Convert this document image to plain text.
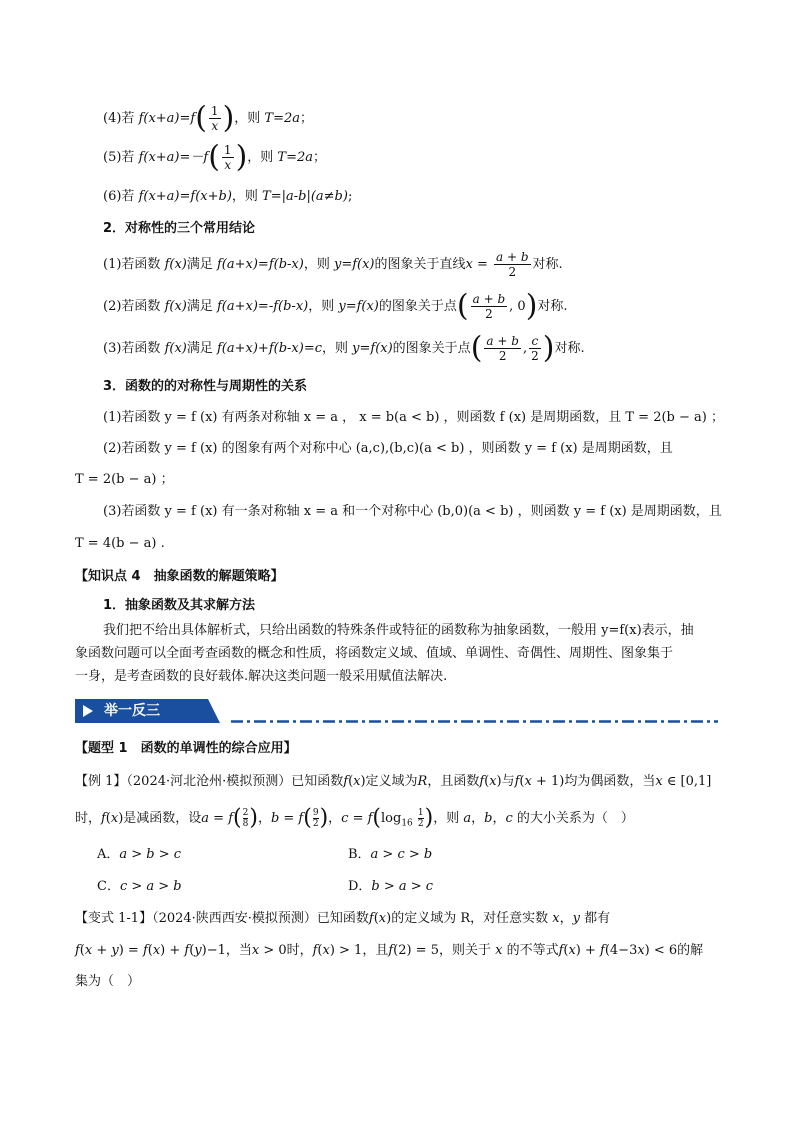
(4)若 $f(x+a)=f( \frac{1}{x}$ )，则 T=2a；
(5)若 $f(x+a)=-f( \frac{1}{x}$ )，则 T=2a；
(6)若 f(x+a)=f(x+b)，则 T=|a-b|(a≠b);
2．对称性的三个常用结论
(1)若函数 f(x)满足 f(a+x)=f(b-x)，则 y=f(x)的图象关于直线$x = \frac{a + b}{2}$ 对称.
(2)若函数 f(x)满足 f(a+x)=-f(b-x)，则 y=f(x)的图象关于点( $\frac{a + b}{2}$ , 0)对称.
(3)若函数 f(x)满足 f(a+x)+f(b-x)=c，则 y=f(x)的图象关于点( $\frac{a + b}{2}$ , $\frac{c}{2}$ )对称.
3．函数的的对称性与周期性的关系
(1)若函数 y = f (x) 有两条对称轴 x = a ， x = b(a < b) ，则函数 f (x) 是周期函数，且 T = 2(b − a) ；
(2)若函数 y = f (x) 的图象有两个对称中心 (a,c),(b,c)(a < b) ，则函数 y = f (x) 是周期函数，且
T = 2(b − a) ；
(3)若函数 y = f (x) 有一条对称轴 x = a 和一个对称中心 (b,0)(a < b) ，则函数 y = f (x) 是周期函数，且
T = 4(b − a) .
【知识点 4　抽象函数的解题策略】
1．抽象函数及其求解方法
我们把不给出具体解析式，只给出函数的特殊条件或特征的函数称为抽象函数，一般用 y=f(x)表示，抽
象函数问题可以全面考查函数的概念和性质，将函数定义域、值域、单调性、奇偶性、周期性、图象集于
一身，是考查函数的良好载体.解决这类问题一般采用赋值法解决.
举一反三
【题型 1　函数的单调性的综合应用】
【例 1】（2024·河北沧州·模拟预测）已知函数𝑓(𝑥)定义域为𝑅，且函数𝑓(𝑥)与𝑓(𝑥 + 1)均为偶函数，当𝑥 ∈ [0,1]
时，𝑓(𝑥)是减函数，设𝑎 = 𝑓( $\frac{2}{8}$ )，𝑏 = 𝑓( $\frac{9}{2}$ )，𝑐 = $𝑓(\log_{16} \frac{1}{2}$ )，则 𝑎，𝑏，𝑐 的大小关系为（　）
A．𝑎 > 𝑏 > 𝑐	B．𝑎 > 𝑐 > 𝑏
C．𝑐 > 𝑎 > 𝑏	D．𝑏 > 𝑎 > 𝑐
【变式 1-1】（2024·陕西西安·模拟预测）已知函数𝑓(𝑥)的定义域为 R，对任意实数 𝑥，𝑦 都有
𝑓(𝑥 + 𝑦) = 𝑓(𝑥) + 𝑓(𝑦)−1，当𝑥 > 0时，𝑓(𝑥) > 1，且𝑓(2) = 5，则关于 𝑥 的不等式𝑓(𝑥) + 𝑓(4−3𝑥) < 6的解
集为（　）
